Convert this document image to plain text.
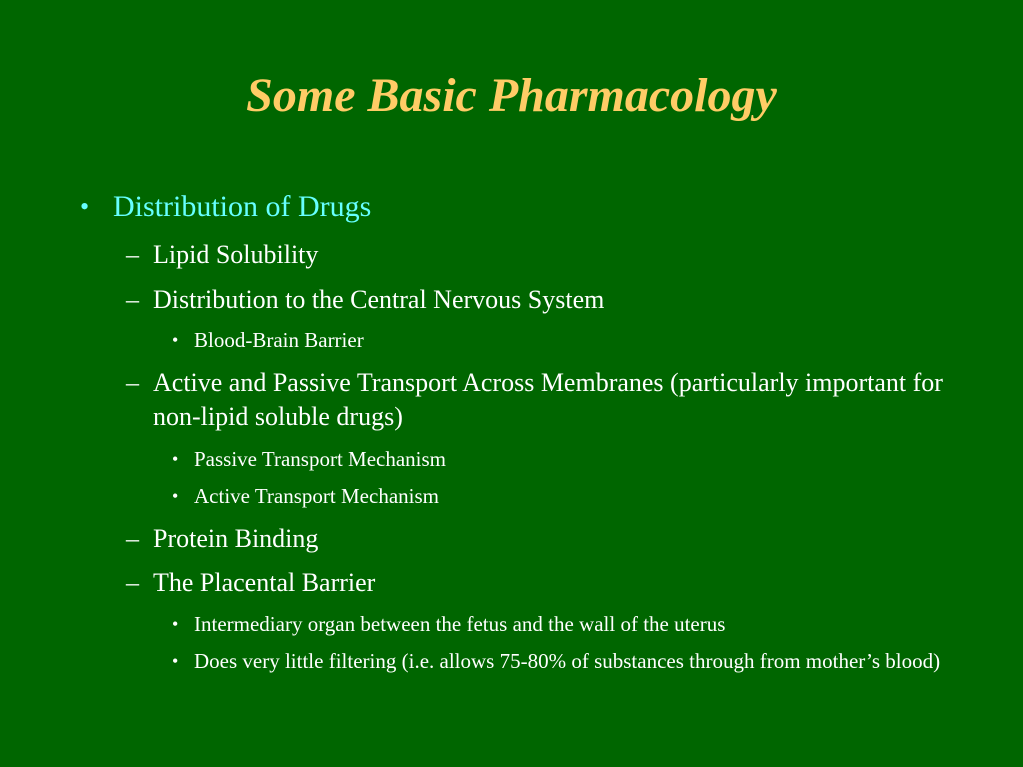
Some Basic Pharmacology
• Distribution of Drugs
– Lipid Solubility
– Distribution to the Central Nervous System
• Blood-Brain Barrier
– Active and Passive Transport Across Membranes (particularly important for non-lipid soluble drugs)
• Passive Transport Mechanism
• Active Transport Mechanism
– Protein Binding
– The Placental Barrier
• Intermediary organ between the fetus and the wall of the uterus
• Does very little filtering (i.e. allows 75-80% of substances through from mother’s blood)
